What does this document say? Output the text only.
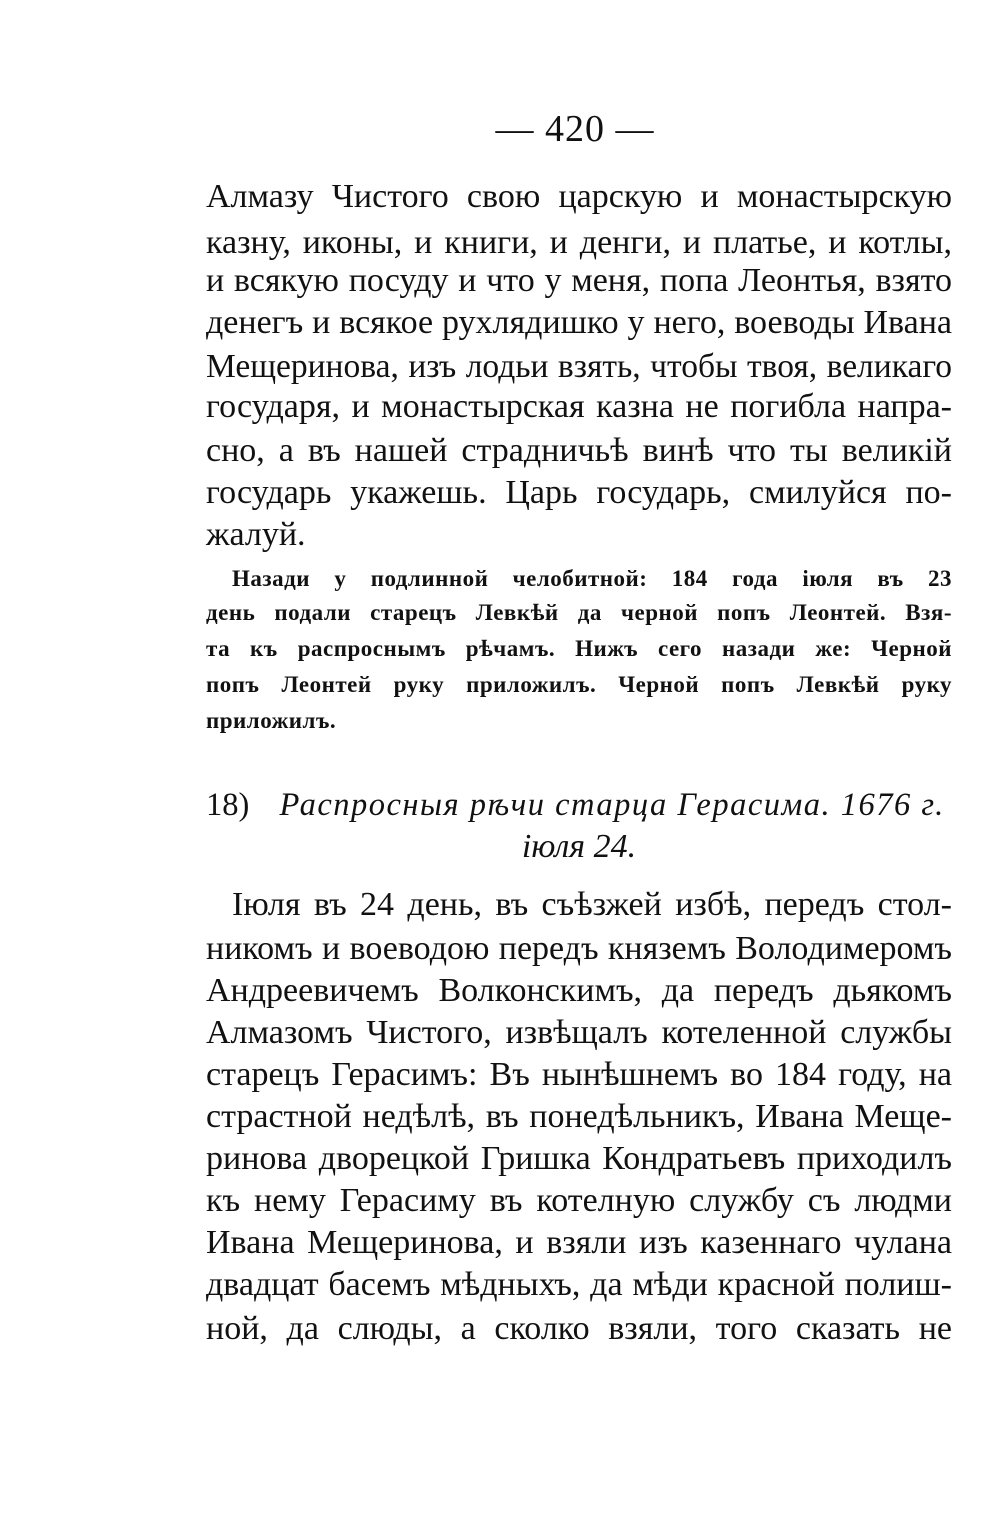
— 420 —
Алмазу Чистого свою царскую и монастырскую
казну, иконы, и книги, и денги, и платье, и котлы,
и всякую посуду и что у меня, попа Леонтья, взято
денегъ и всякое рухлядишко у него, воеводы Ивана
Мещеринова, изъ лодьи взять, чтобы твоя, великаго
государя, и монастырская казна не погибла напра-
сно, а въ нашей страдничьѣ винѣ что ты великій
государь укажешь. Царь государь, смилуйся по-
жалуй.
Назади у подлинной челобитной: 184 года іюля въ 23
день подали старецъ Левкѣй да черной попъ Леонтей. Взя-
та къ распроснымъ рѣчамъ. Нижъ сего назади же: Черной
попъ Леонтей руку приложилъ. Черной попъ Левкѣй руку
приложилъ.
18) Распросныя рѣчи старца Герасима. 1676 г.
іюля 24.
Іюля въ 24 день, въ съѣзжей избѣ, передъ стол-
никомъ и воеводою передъ княземъ Володимеромъ
Андреевичемъ Волконскимъ, да передъ дьякомъ
Алмазомъ Чистого, извѣщалъ котеленной службы
старецъ Герасимъ: Въ нынѣшнемъ во 184 году, на
страстной недѣлѣ, въ понедѣльникъ, Ивана Меще-
ринова дворецкой Гришка Кондратьевъ приходилъ
къ нему Герасиму въ котелную службу съ людми
Ивана Мещеринова, и взяли изъ казеннаго чулана
двадцат басемъ мѣдныхъ, да мѣди красной полиш-
ной, да слюды, а сколко взяли, того сказать не
